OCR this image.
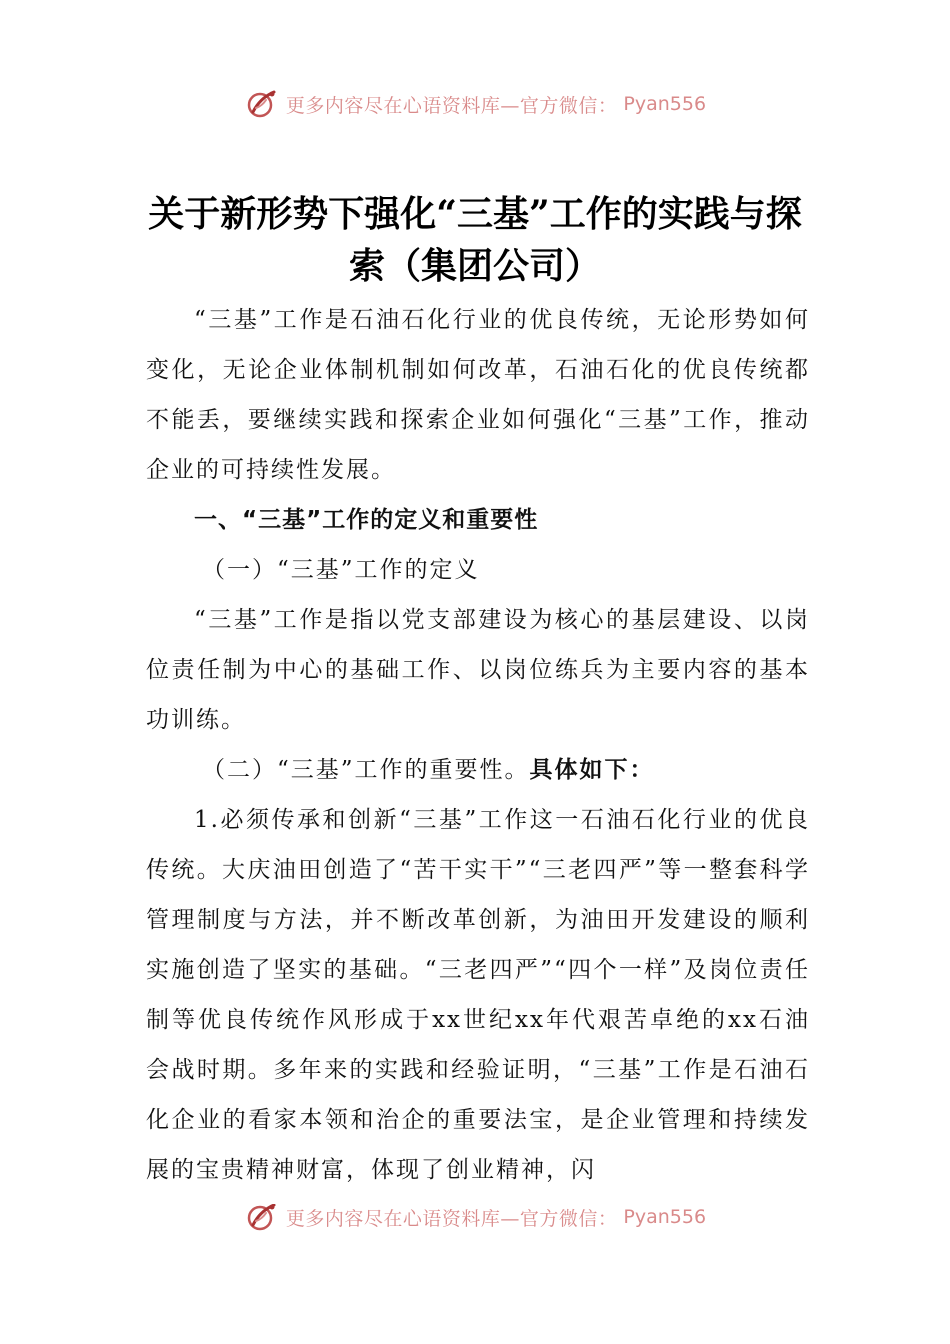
更多内容尽在心语资料库—官方微信： Pyan556
关于新形势下强化“三基”工作的实践与探索（集团公司）

“三基”工作是石油石化行业的优良传统，无论形势如何变化，无论企业体制机制如何改革，石油石化的优良传统都不能丢，要继续实践和探索企业如何强化“三基”工作，推动企业的可持续性发展。

一、“三基”工作的定义和重要性

（一）“三基”工作的定义

“三基”工作是指以党支部建设为核心的基层建设、以岗位责任制为中心的基础工作、以岗位练兵为主要内容的基本功训练。

（二）“三基”工作的重要性。具体如下：

1.必须传承和创新“三基”工作这一石油石化行业的优良传统。大庆油田创造了“苦干实干”“三老四严”等一整套科学管理制度与方法，并不断改革创新，为油田开发建设的顺利实施创造了坚实的基础。“三老四严”“四个一样”及岗位责任制等优良传统作风形成于xx世纪xx年代艰苦卓绝的xx石油会战时期。多年来的实践和经验证明，“三基”工作是石油石化企业的看家本领和治企的重要法宝，是企业管理和持续发展的宝贵精神财富，体现了创业精神，闪

更多内容尽在心语资料库—官方微信： Pyan556
